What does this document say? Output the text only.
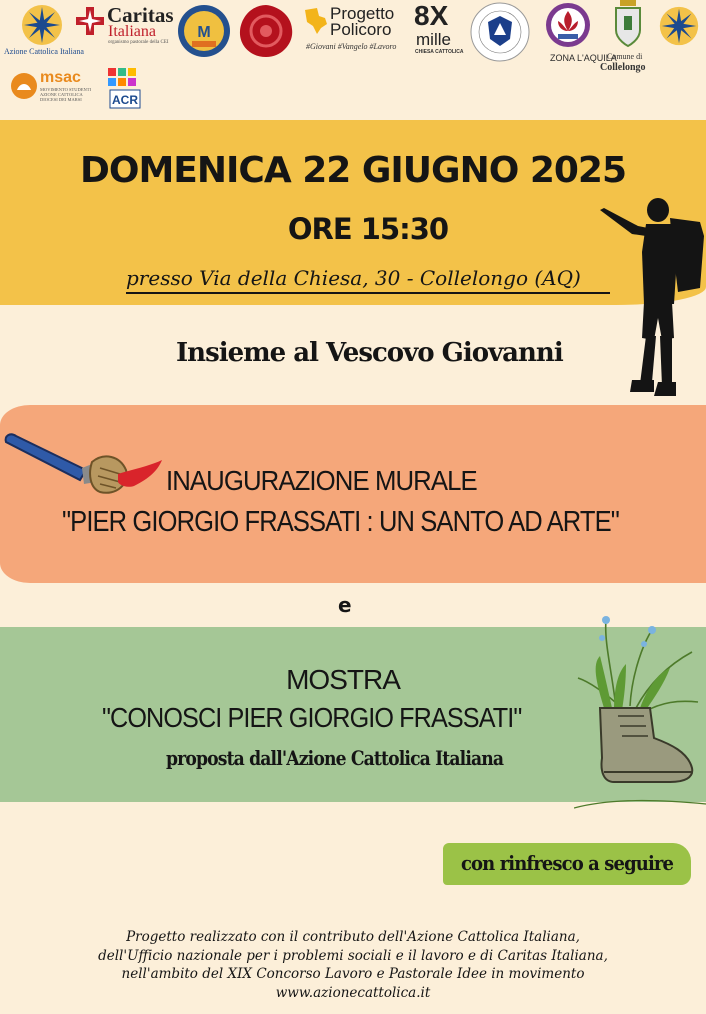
Azione Cattolica Italiana
Caritas
Italiana
organismo pastorale della CEI
M
Progetto
Policoro
#Giovani #Vangelo #Lavoro
8X
mille
CHIESA CATTOLICA
ZONA L'AQUILA
Comune di
Collelongo
msac
MOVIMENTO STUDENTI AZIONE CATTOLICA DIOCESI DEI MARSI	ACR
DOMENICA 22 GIUGNO 2025
ORE 15:30
presso Via della Chiesa, 30 - Collelongo (AQ)
Insieme al Vescovo Giovanni
INAUGURAZIONE MURALE
"PIER GIORGIO FRASSATI : UN SANTO AD ARTE"
e
MOSTRA
"CONOSCI PIER GIORGIO FRASSATI"
proposta dall'Azione Cattolica Italiana
con rinfresco a seguire
Progetto realizzato con il contributo dell'Azione Cattolica Italiana,
dell'Ufficio nazionale per i problemi sociali e il lavoro e di Caritas Italiana,
nell'ambito del XIX Concorso Lavoro e Pastorale Idee in movimento
www.azionecattolica.it
